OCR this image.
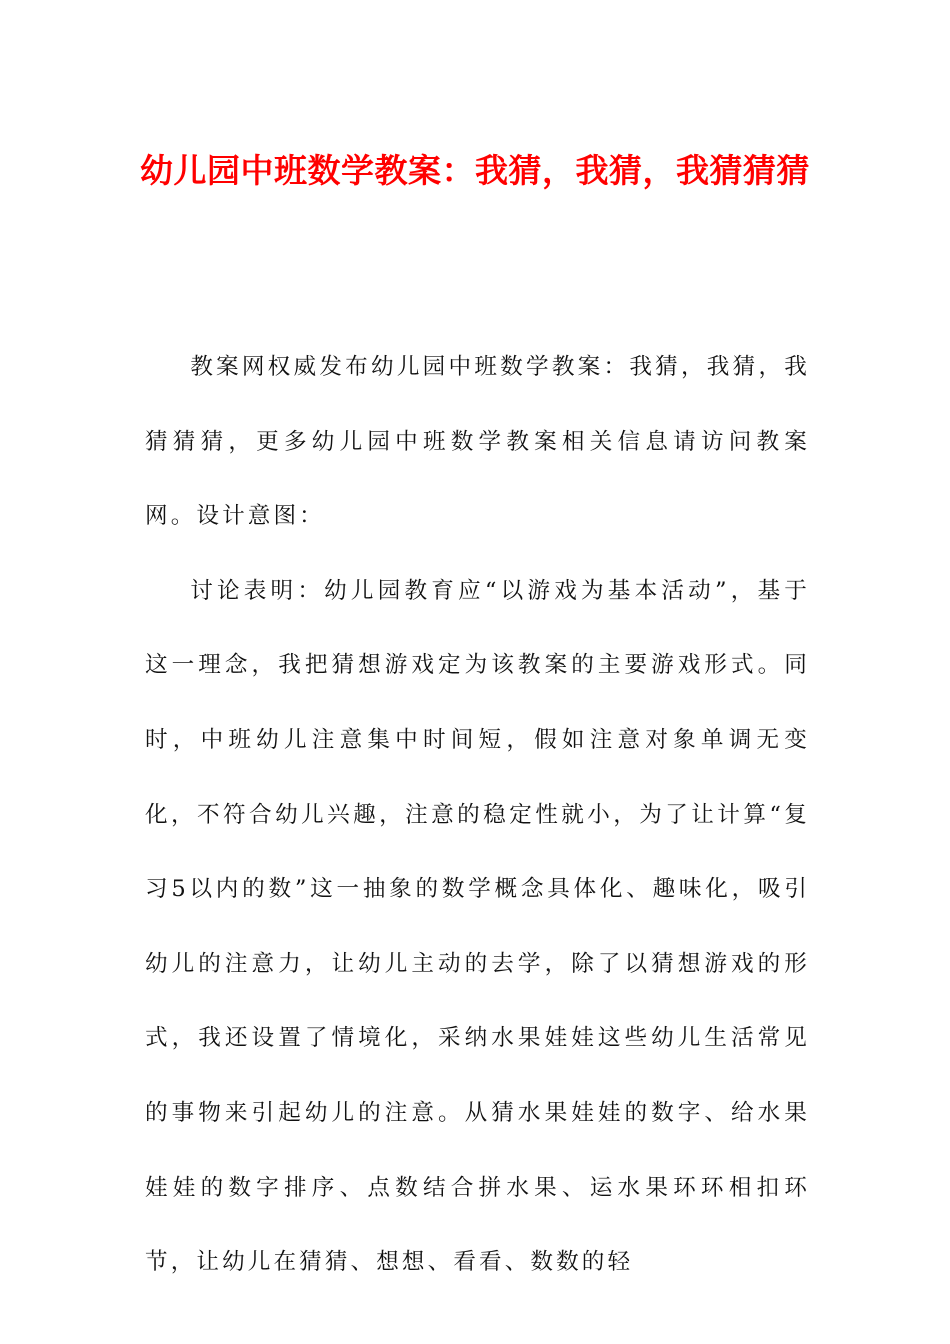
幼儿园中班数学教案：我猜，我猜，我猜猜猜

教案网权威发布幼儿园中班数学教案：我猜，我猜，我猜猜猜，更多幼儿园中班数学教案相关信息请访问教案网。设计意图：

讨论表明：幼儿园教育应“以游戏为基本活动”，基于这一理念，我把猜想游戏定为该教案的主要游戏形式。同时，中班幼儿注意集中时间短，假如注意对象单调无变化，不符合幼儿兴趣，注意的稳定性就小，为了让计算“复习5以内的数”这一抽象的数学概念具体化、趣味化，吸引幼儿的注意力，让幼儿主动的去学，除了以猜想游戏的形式，我还设置了情境化，采纳水果娃娃这些幼儿生活常见的事物来引起幼儿的注意。从猜水果娃娃的数字、给水果娃娃的数字排序、点数结合拼水果、运水果环环相扣环节，让幼儿在猜猜、想想、看看、数数的轻
